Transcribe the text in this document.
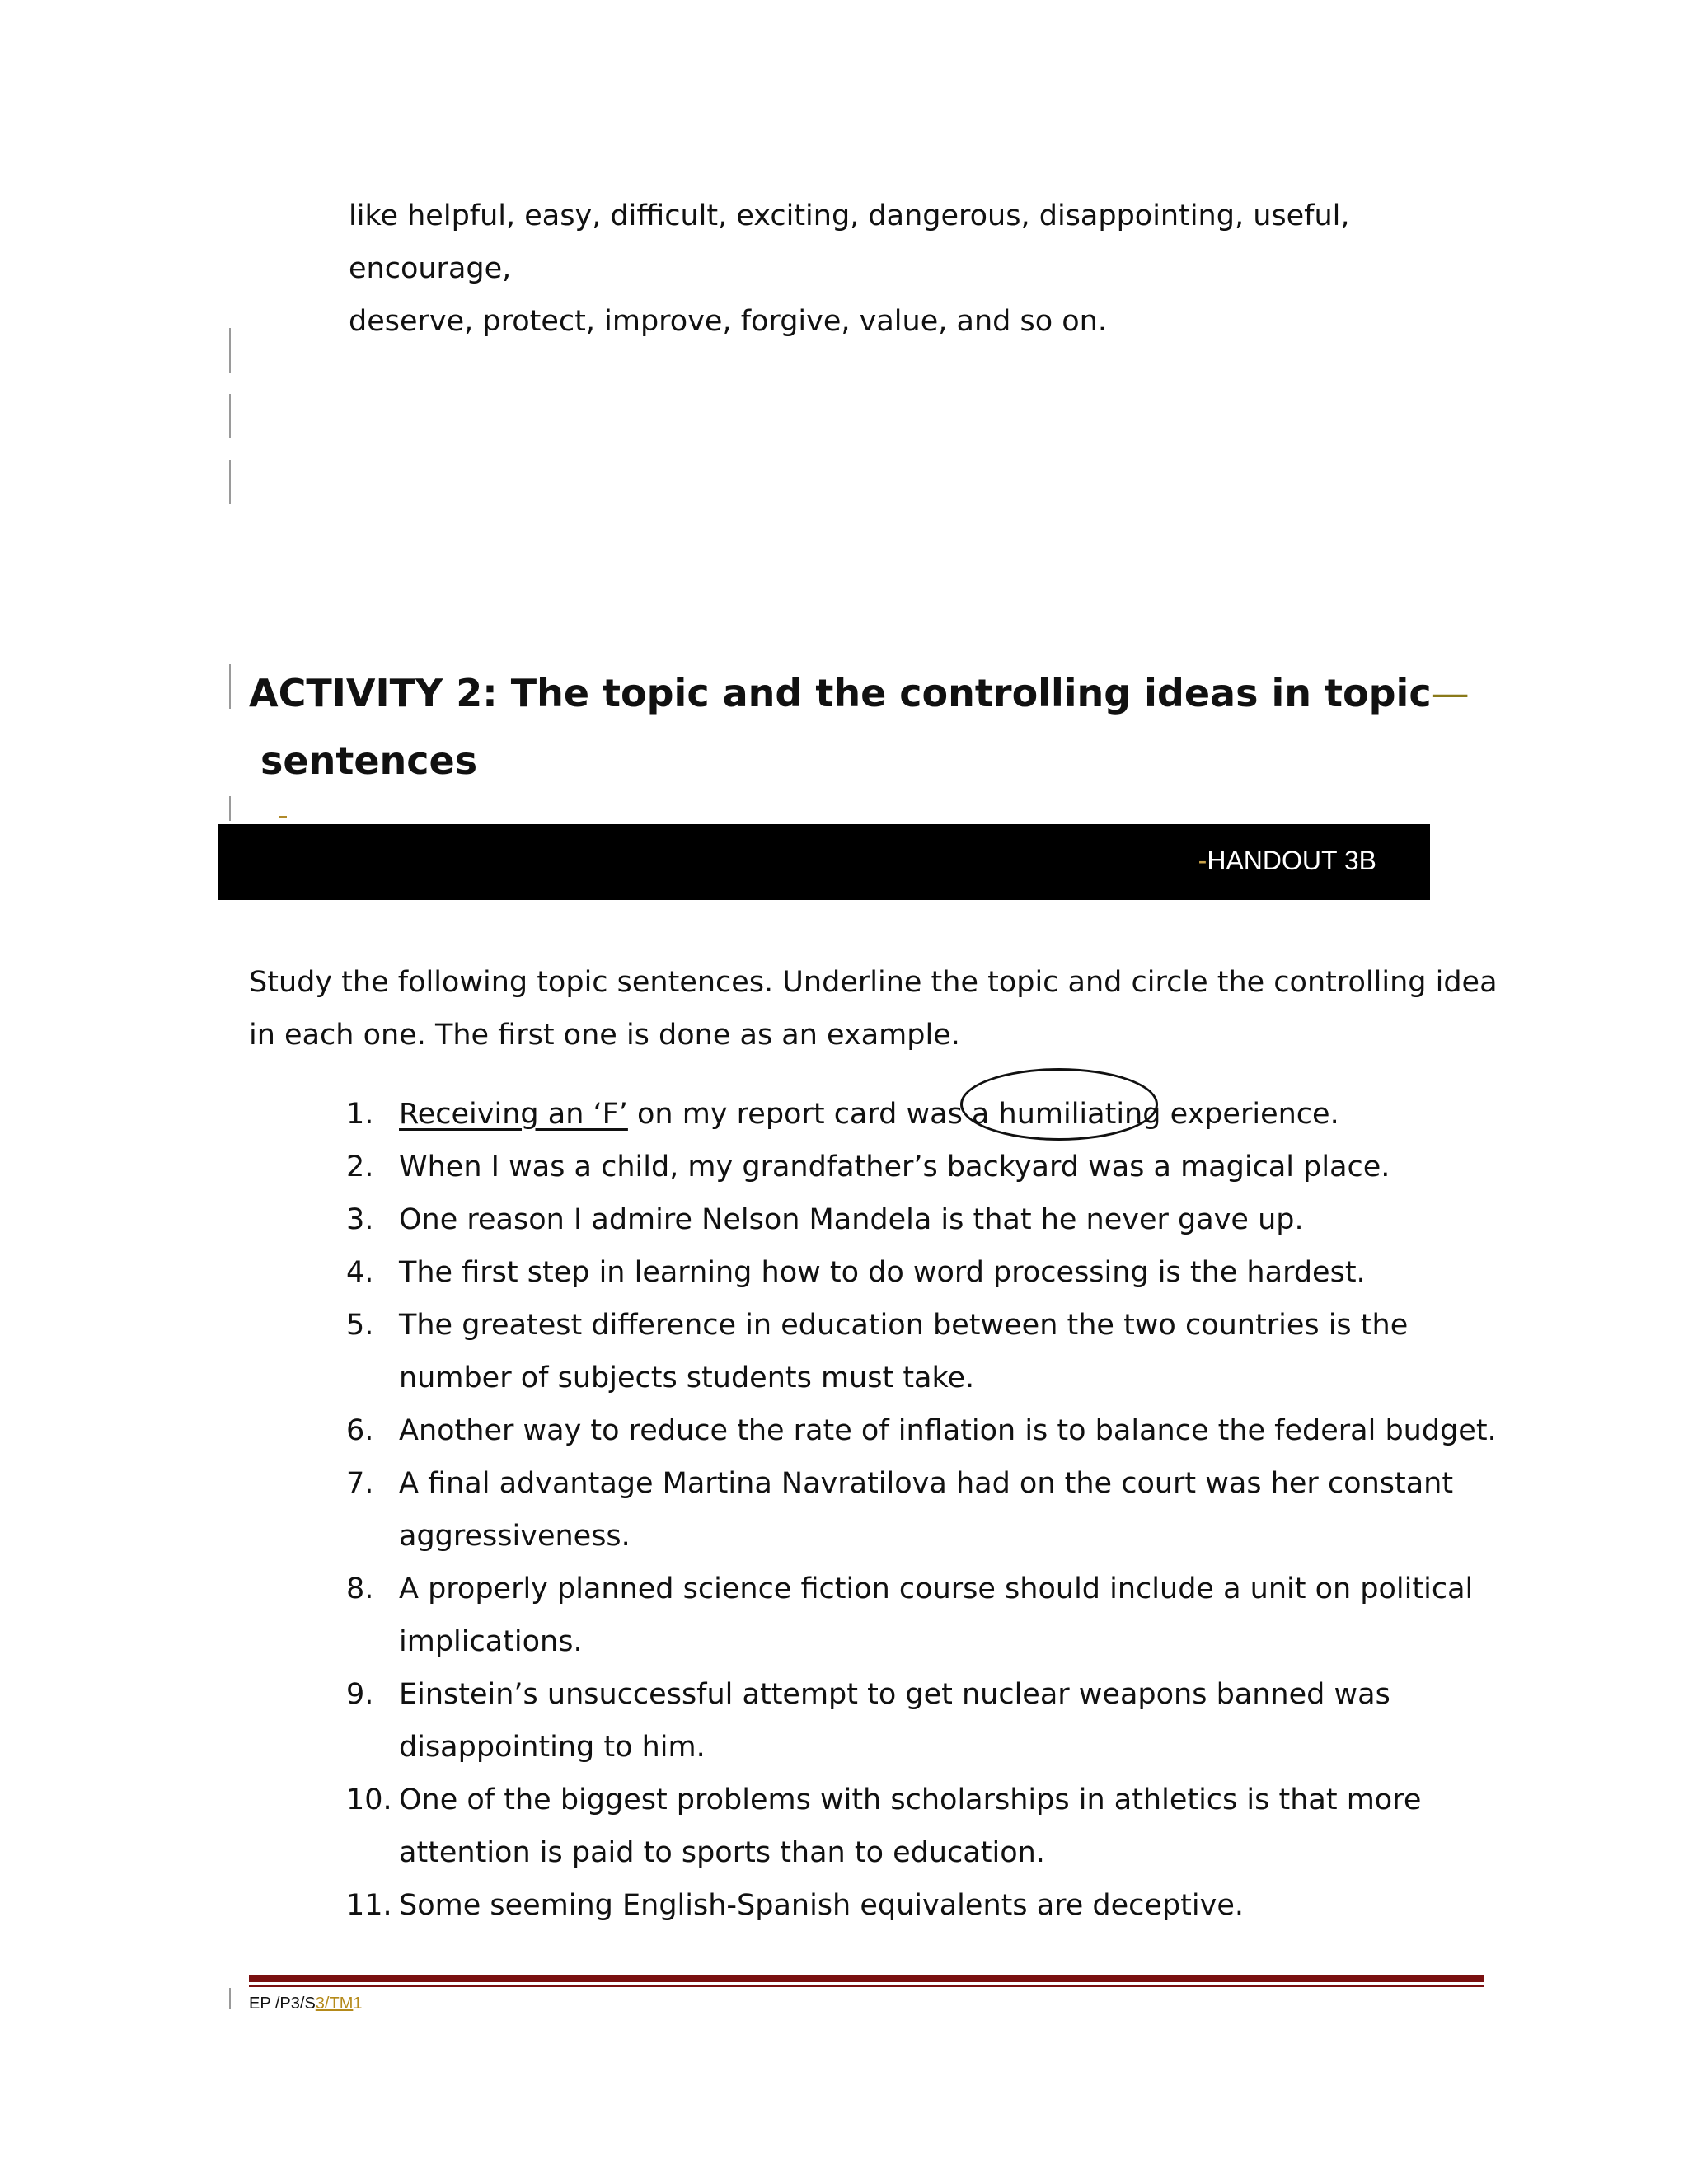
like helpful, easy, difficult, exciting, dangerous, disappointing, useful, encourage,
deserve, protect, improve, forgive, value, and so on.
ACTIVITY 2: The topic and the controlling ideas in topic—
sentences
-HANDOUT 3B
Study the following topic sentences. Underline the topic and circle the controlling idea in each one. The first one is done as an example.
1. Receiving an ‘F’ on my report card was a humiliating experience.
2. When I was a child, my grandfather’s backyard was a magical place.
3. One reason I admire Nelson Mandela is that he never gave up.
4. The first step in learning how to do word processing is the hardest.
5. The greatest difference in education between the two countries is the number of subjects students must take.
6. Another way to reduce the rate of inflation is to balance the federal budget.
7. A final advantage Martina Navratilova had on the court was her constant aggressiveness.
8. A properly planned science fiction course should include a unit on political implications.
9. Einstein’s unsuccessful attempt to get nuclear weapons banned was disappointing to him.
10. One of the biggest problems with scholarships in athletics is that more attention is paid to sports than to education.
11. Some seeming English-Spanish equivalents are deceptive.
EP /P3/S3/TM1
